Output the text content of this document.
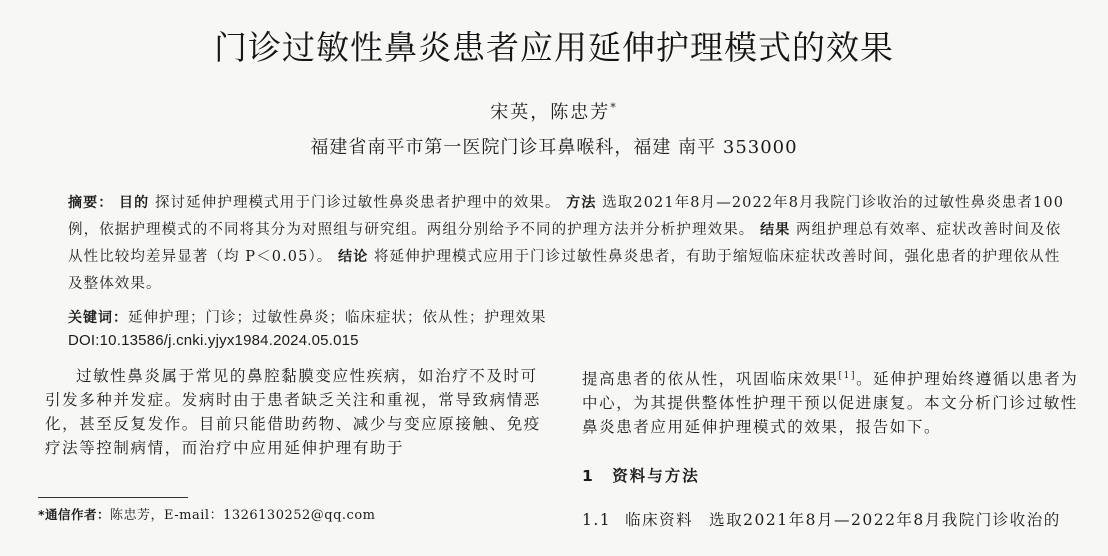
门诊过敏性鼻炎患者应用延伸护理模式的效果
宋英，陈忠芳*
福建省南平市第一医院门诊耳鼻喉科，福建 南平 353000
摘要： 目的 探讨延伸护理模式用于门诊过敏性鼻炎患者护理中的效果。 方法 选取2021年8月—2022年8月我院门诊收治的过敏性鼻炎患者100例，依据护理模式的不同将其分为对照组与研究组。两组分别给予不同的护理方法并分析护理效果。 结果 两组护理总有效率、症状改善时间及依从性比较均差异显著（均 P＜0.05）。 结论 将延伸护理模式应用于门诊过敏性鼻炎患者，有助于缩短临床症状改善时间，强化患者的护理依从性及整体效果。
关键词：延伸护理；门诊；过敏性鼻炎；临床症状；依从性；护理效果
DOI:10.13586/j.cnki.yjyx1984.2024.05.015
过敏性鼻炎属于常见的鼻腔黏膜变应性疾病，如治疗不及时可引发多种并发症。发病时由于患者缺乏关注和重视，常导致病情恶化，甚至反复发作。目前只能借助药物、减少与变应原接触、免疫疗法等控制病情，而治疗中应用延伸护理有助于
提高患者的依从性，巩固临床效果[1]。延伸护理始终遵循以患者为中心，为其提供整体性护理干预以促进康复。本文分析门诊过敏性鼻炎患者应用延伸护理模式的效果，报告如下。
1　资料与方法
1.1 临床资料 选取2021年8月—2022年8月我院门诊收治的
*通信作者：陈忠芳，E-mail：1326130252@qq.com
